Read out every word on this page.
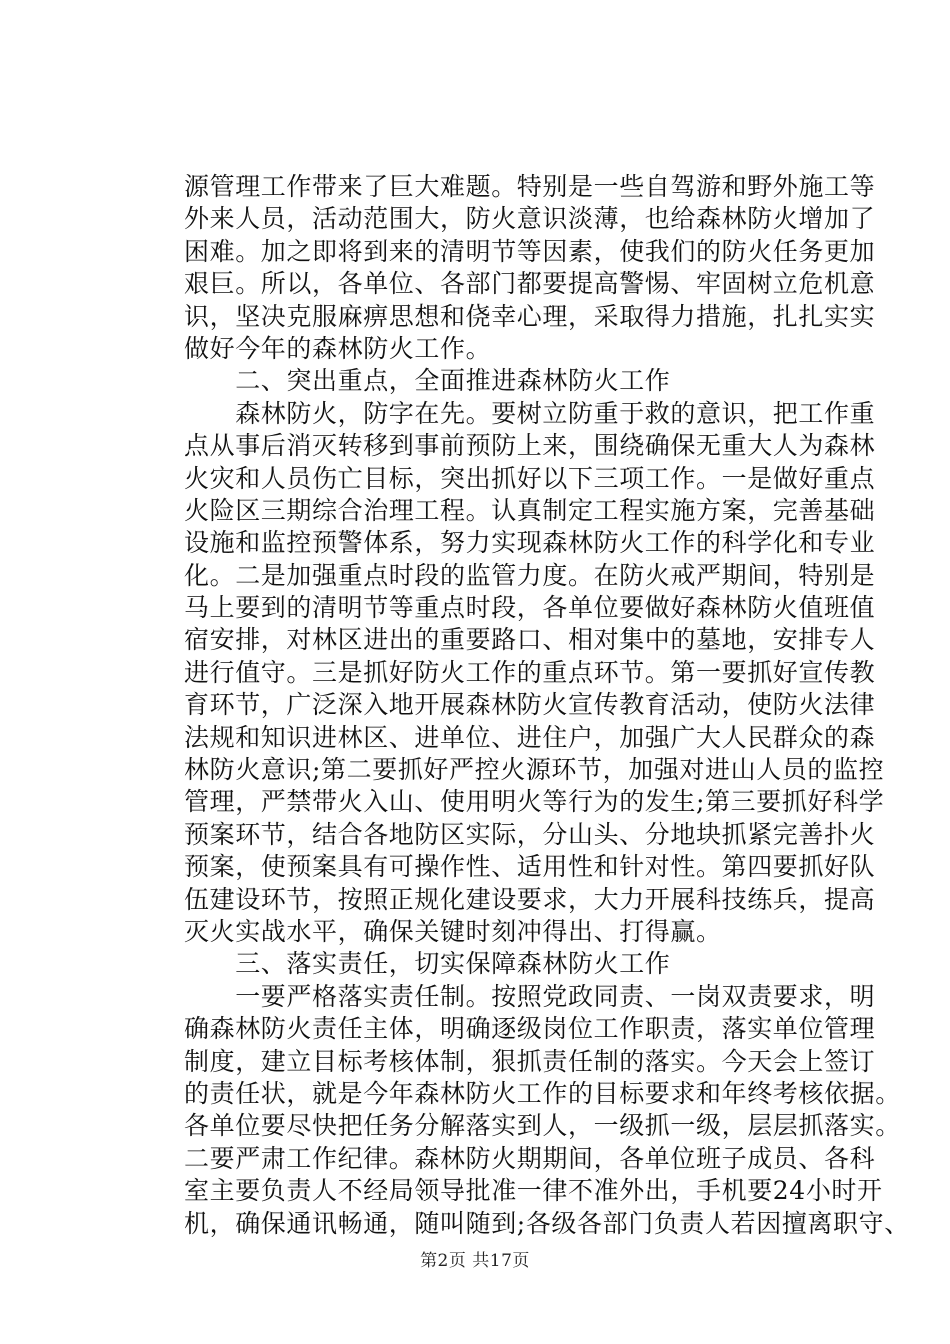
源管理工作带来了巨大难题。特别是一些自驾游和野外施工等
外来人员，活动范围大，防火意识淡薄，也给森林防火增加了
困难。加之即将到来的清明节等因素，使我们的防火任务更加
艰巨。所以，各单位、各部门都要提高警惕、牢固树立危机意
识，坚决克服麻痹思想和侥幸心理，采取得力措施，扎扎实实
做好今年的森林防火工作。
　　二、突出重点，全面推进森林防火工作
　　森林防火，防字在先。要树立防重于救的意识，把工作重
点从事后消灭转移到事前预防上来，围绕确保无重大人为森林
火灾和人员伤亡目标，突出抓好以下三项工作。一是做好重点
火险区三期综合治理工程。认真制定工程实施方案，完善基础
设施和监控预警体系，努力实现森林防火工作的科学化和专业
化。二是加强重点时段的监管力度。在防火戒严期间，特别是
马上要到的清明节等重点时段，各单位要做好森林防火值班值
宿安排，对林区进出的重要路口、相对集中的墓地，安排专人
进行值守。三是抓好防火工作的重点环节。第一要抓好宣传教
育环节，广泛深入地开展森林防火宣传教育活动，使防火法律
法规和知识进林区、进单位、进住户，加强广大人民群众的森
林防火意识;第二要抓好严控火源环节，加强对进山人员的监控
管理，严禁带火入山、使用明火等行为的发生;第三要抓好科学
预案环节，结合各地防区实际，分山头、分地块抓紧完善扑火
预案，使预案具有可操作性、适用性和针对性。第四要抓好队
伍建设环节，按照正规化建设要求，大力开展科技练兵，提高
灭火实战水平，确保关键时刻冲得出、打得赢。
　　三、落实责任，切实保障森林防火工作
　　一要严格落实责任制。按照党政同责、一岗双责要求，明
确森林防火责任主体，明确逐级岗位工作职责，落实单位管理
制度，建立目标考核体制，狠抓责任制的落实。今天会上签订
的责任状，就是今年森林防火工作的目标要求和年终考核依据。
各单位要尽快把任务分解落实到人，一级抓一级，层层抓落实。
二要严肃工作纪律。森林防火期期间，各单位班子成员、各科
室主要负责人不经局领导批准一律不准外出，手机要24小时开
机，确保通讯畅通，随叫随到;各级各部门负责人若因擅离职守、
第2页 共17页
